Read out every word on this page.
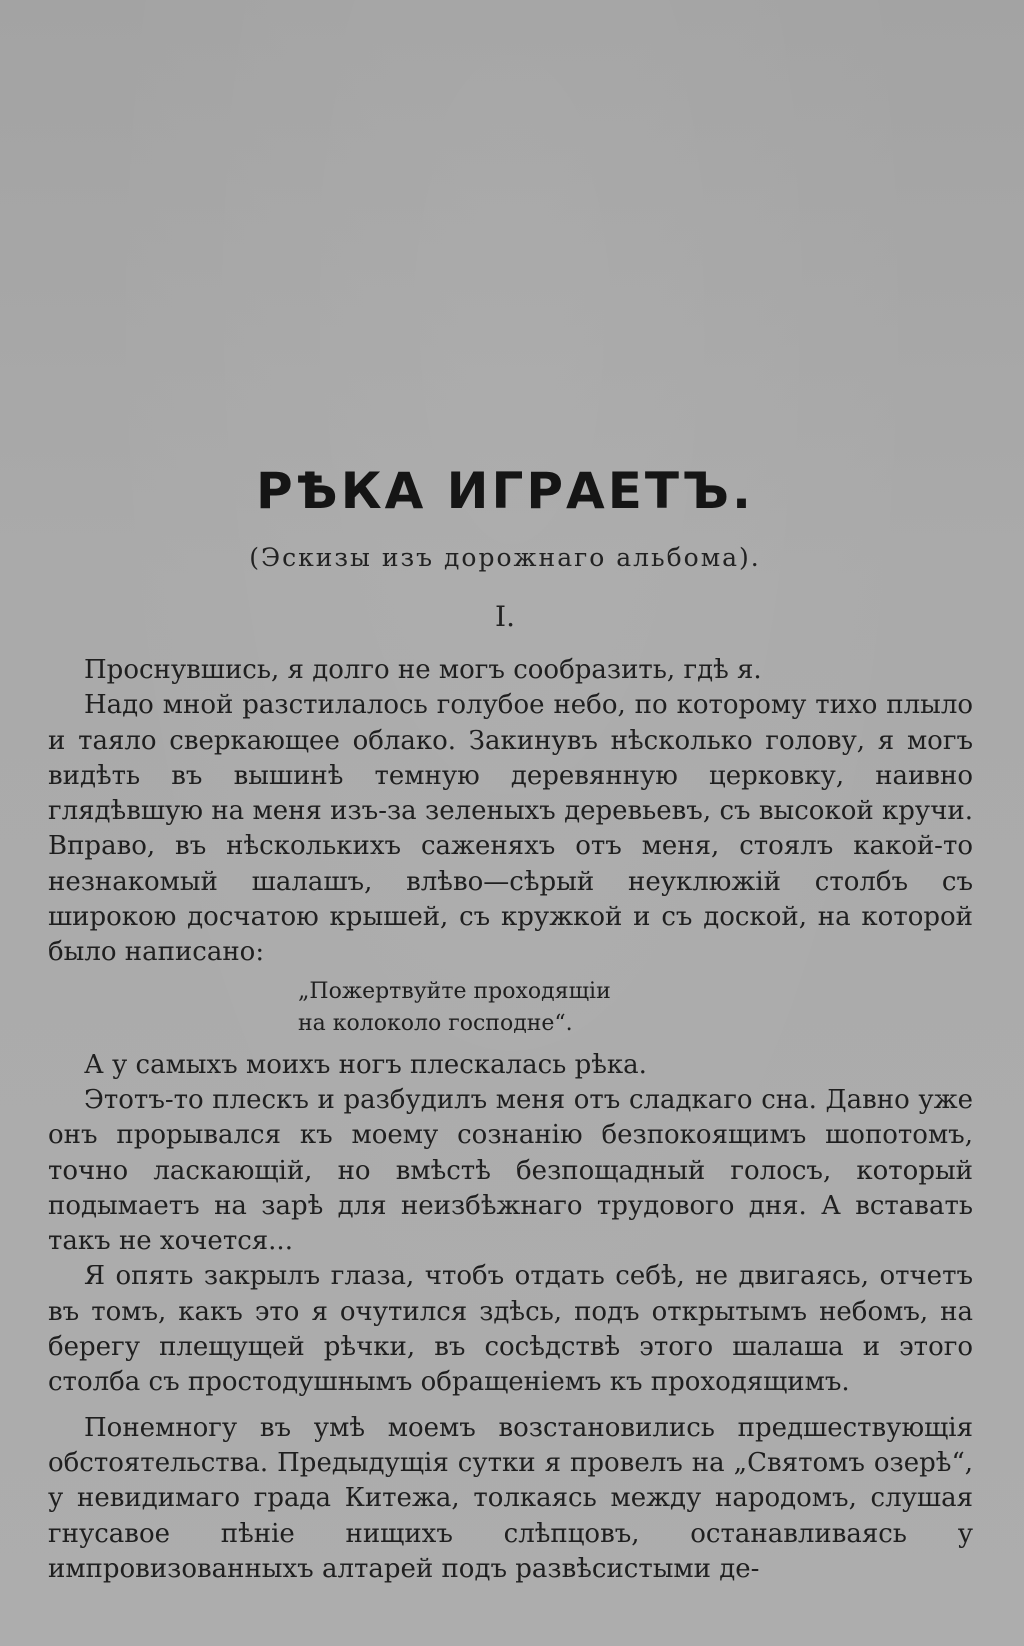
РѢКА ИГРАЕТЪ.
(Эскизы изъ дорожнаго альбома).
I.

Проснувшись, я долго не могъ сообразить, гдѣ я.

Надо мной разстилалось голубое небо, по которому тихо плыло и таяло сверкающее облако. Закинувъ нѣсколько голову, я могъ видѣть въ вышинѣ темную деревянную церковку, наивно глядѣвшую на меня изъ-за зеленыхъ деревьевъ, съ высокой кручи. Вправо, въ нѣсколькихъ саженяхъ отъ меня, стоялъ какой-то незнакомый шалашъ, влѣво—сѣрый неуклюжій столбъ съ широкою досчатою крышей, съ кружкой и съ доской, на которой было написано:

„Пожертвуйте проходящіи
на колоколо господне“.

А у самыхъ моихъ ногъ плескалась рѣка.

Этотъ-то плескъ и разбудилъ меня отъ сладкаго сна. Давно уже онъ прорывался къ моему сознанію безпокоящимъ шопотомъ, точно ласкающій, но вмѣстѣ безпощадный голосъ, который подымаетъ на зарѣ для неизбѣжнаго трудового дня. А вставать такъ не хочется...

Я опять закрылъ глаза, чтобъ отдать себѣ, не двигаясь, отчетъ въ томъ, какъ это я очутился здѣсь, подъ открытымъ небомъ, на берегу плещущей рѣчки, въ сосѣдствѣ этого шалаша и этого столба съ простодушнымъ обращеніемъ къ проходящимъ.

Понемногу въ умѣ моемъ возстановились предшествующія обстоятельства. Предыдущія сутки я провелъ на „Святомъ озерѣ“, у невидимаго града Китежа, толкаясь между народомъ, слушая гнусавое пѣніе нищихъ слѣпцовъ, останавливаясь у импровизованныхъ алтарей подъ развѣсистыми де-
